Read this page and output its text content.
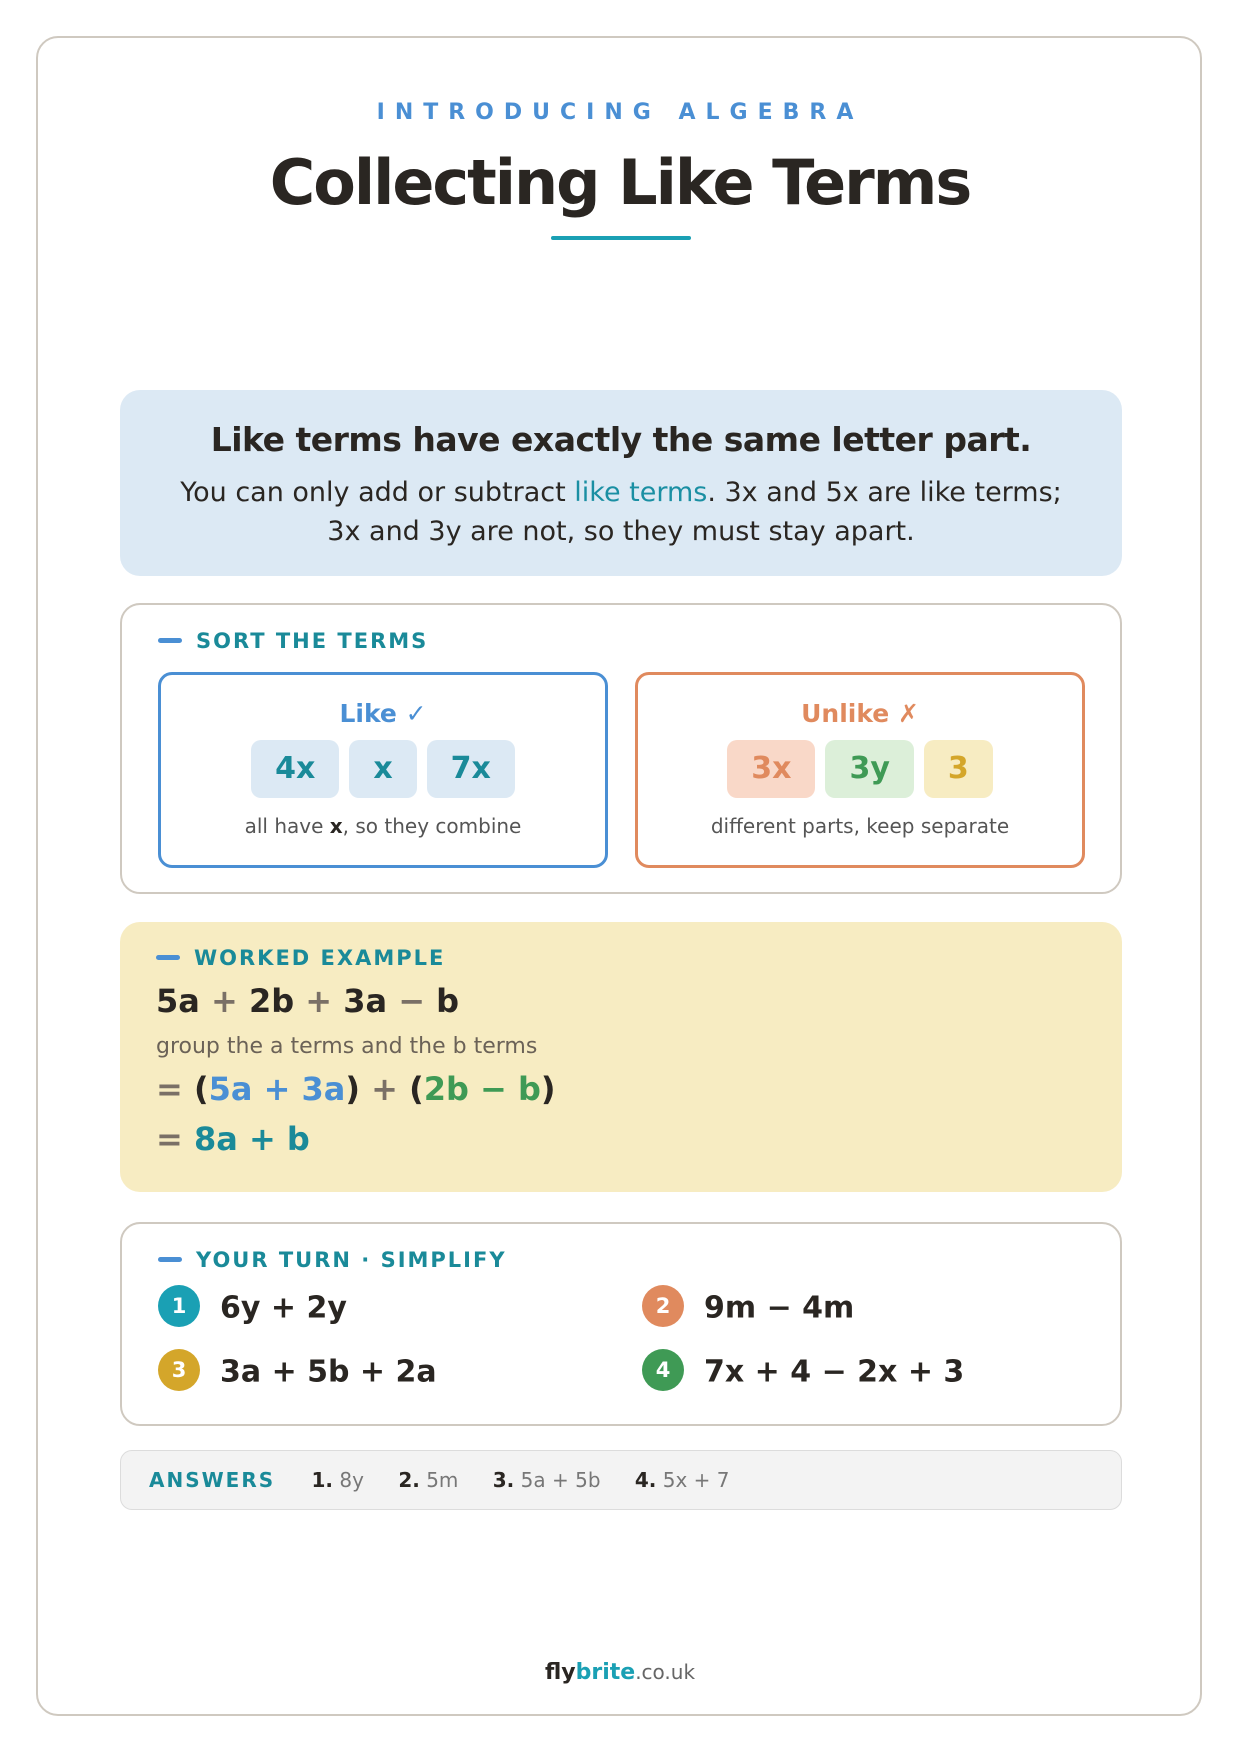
INTRODUCING ALGEBRA
Collecting Like Terms
Like terms have exactly the same letter part.
You can only add or subtract like terms. 3x and 5x are like terms; 3x and 3y are not, so they must stay apart.
SORT THE TERMS
Like ✓
4x x 7x
all have x, so they combine
Unlike ✗
3x 3y 3
different parts, keep separate
WORKED EXAMPLE
5a + 2b + 3a − b
group the a terms and the b terms
= (5a + 3a) + (2b − b)
= 8a + b
YOUR TURN · SIMPLIFY
1 6y + 2y	2 9m − 4m
3 3a + 5b + 2a	4 7x + 4 − 2x + 3
ANSWERS 1. 8y 2. 5m 3. 5a + 5b 4. 5x + 7
flybrite.co.uk
